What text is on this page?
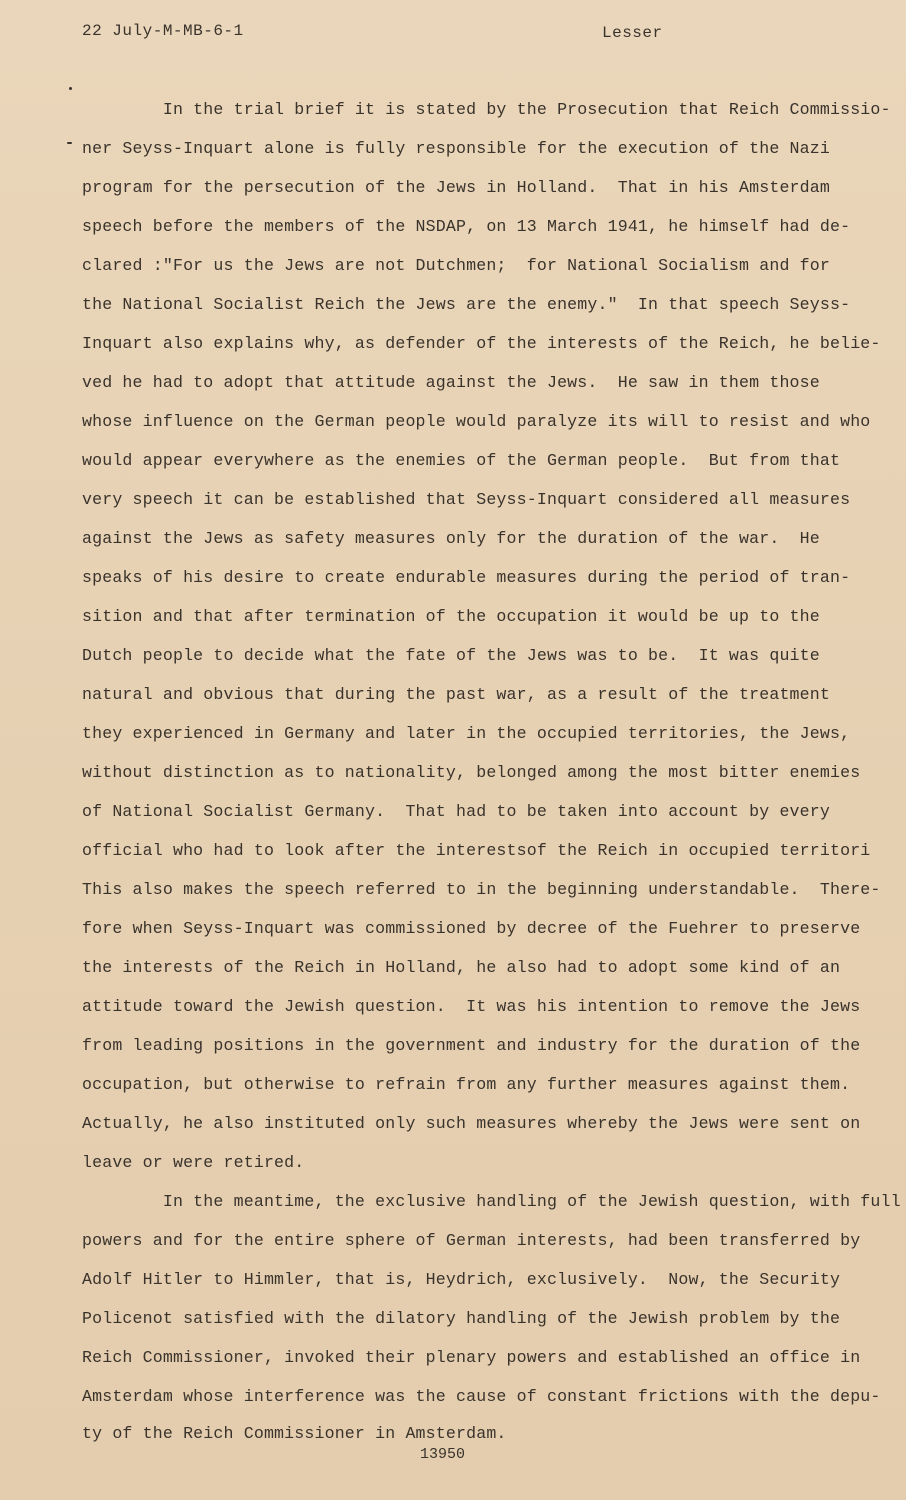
22 July-M-MB-6-1	Lesser
In the trial brief it is stated by the Prosecution that Reich Commissio-
ner Seyss-Inquart alone is fully responsible for the execution of the Nazi
program for the persecution of the Jews in Holland.  That in his Amsterdam
speech before the members of the NSDAP, on 13 March 1941, he himself had de-
clared :"For us the Jews are not Dutchmen;  for National Socialism and for
the National Socialist Reich the Jews are the enemy."  In that speech Seyss-
Inquart also explains why, as defender of the interests of the Reich, he belie-
ved he had to adopt that attitude against the Jews.  He saw in them those
whose influence on the German people would paralyze its will to resist and who
would appear everywhere as the enemies of the German people.  But from that
very speech it can be established that Seyss-Inquart considered all measures
against the Jews as safety measures only for the duration of the war.  He
speaks of his desire to create endurable measures during the period of tran-
sition and that after termination of the occupation it would be up to the
Dutch people to decide what the fate of the Jews was to be.  It was quite
natural and obvious that during the past war, as a result of the treatment
they experienced in Germany and later in the occupied territories, the Jews,
without distinction as to nationality, belonged among the most bitter enemies
of National Socialist Germany.  That had to be taken into account by every
official who had to look after the interestsof the Reich in occupied territori
This also makes the speech referred to in the beginning understandable.  There-
fore when Seyss-Inquart was commissioned by decree of the Fuehrer to preserve
the interests of the Reich in Holland, he also had to adopt some kind of an
attitude toward the Jewish question.  It was his intention to remove the Jews
from leading positions in the government and industry for the duration of the
occupation, but otherwise to refrain from any further measures against them.
Actually, he also instituted only such measures whereby the Jews were sent on
leave or were retired.
In the meantime, the exclusive handling of the Jewish question, with full
powers and for the entire sphere of German interests, had been transferred by
Adolf Hitler to Himmler, that is, Heydrich, exclusively.  Now, the Security
Policenot satisfied with the dilatory handling of the Jewish problem by the
Reich Commissioner, invoked their plenary powers and established an office in
Amsterdam whose interference was the cause of constant frictions with the depu-
ty of the Reich Commissioner in Amsterdam.
13950
